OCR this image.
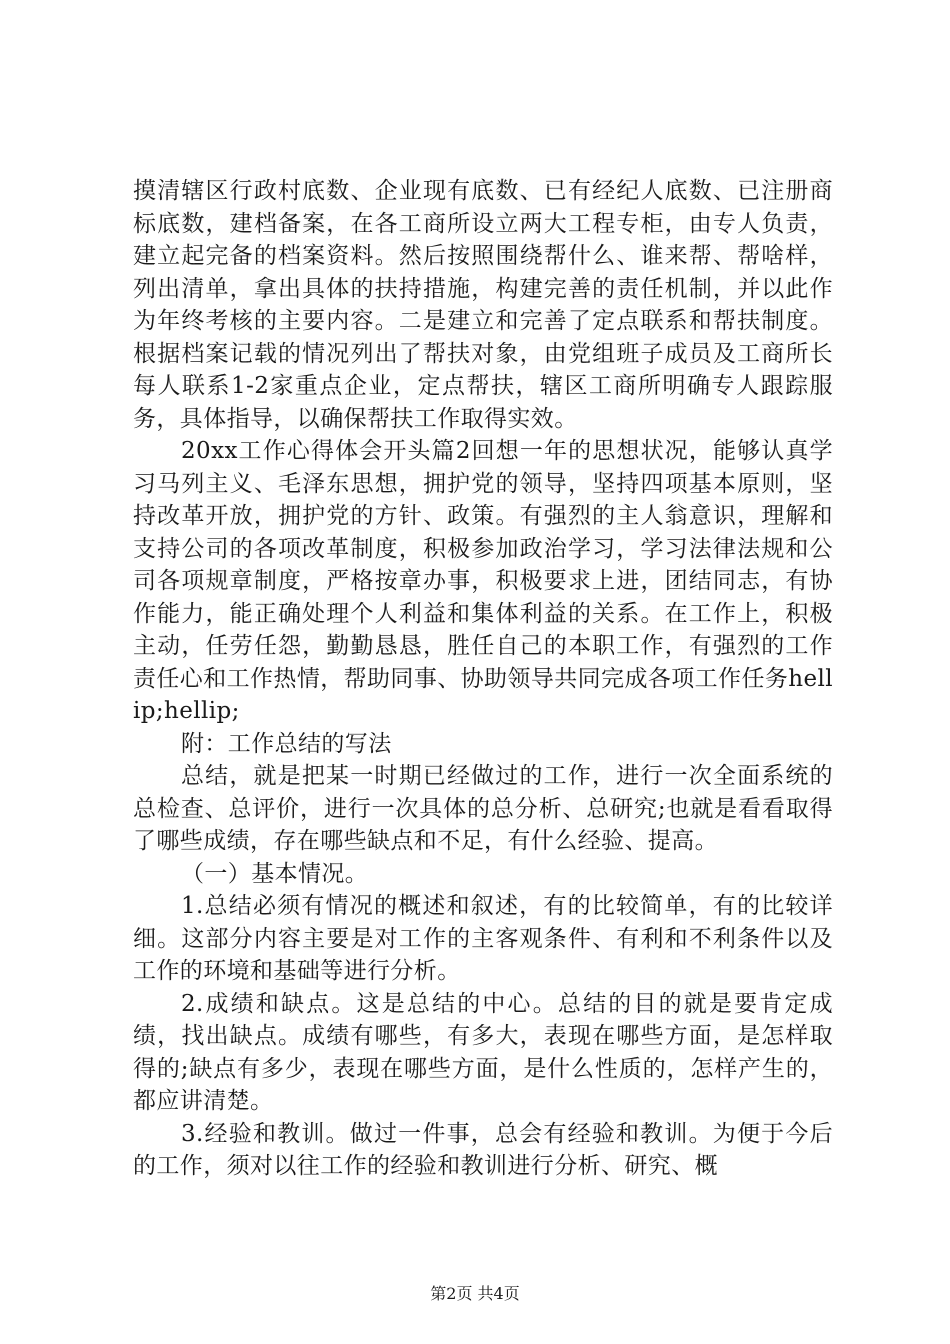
摸清辖区行政村底数、企业现有底数、已有经纪人底数、已注册商标底数，建档备案，在各工商所设立两大工程专柜，由专人负责，建立起完备的档案资料。然后按照围绕帮什么、谁来帮、帮啥样，列出清单，拿出具体的扶持措施，构建完善的责任机制，并以此作为年终考核的主要内容。二是建立和完善了定点联系和帮扶制度。根据档案记载的情况列出了帮扶对象，由党组班子成员及工商所长每人联系1-2家重点企业，定点帮扶，辖区工商所明确专人跟踪服务，具体指导，以确保帮扶工作取得实效。

20xx工作心得体会开头篇2回想一年的思想状况，能够认真学习马列主义、毛泽东思想，拥护党的领导，坚持四项基本原则，坚持改革开放，拥护党的方针、政策。有强烈的主人翁意识，理解和支持公司的各项改革制度，积极参加政治学习，学习法律法规和公司各项规章制度，严格按章办事，积极要求上进，团结同志，有协作能力，能正确处理个人利益和集体利益的关系。在工作上，积极主动，任劳任怨，勤勤恳恳，胜任自己的本职工作，有强烈的工作责任心和工作热情，帮助同事、协助领导共同完成各项工作任务hellip;hellip;

附：工作总结的写法

总结，就是把某一时期已经做过的工作，进行一次全面系统的总检查、总评价，进行一次具体的总分析、总研究;也就是看看取得了哪些成绩，存在哪些缺点和不足，有什么经验、提高。

（一）基本情况。

1.总结必须有情况的概述和叙述，有的比较简单，有的比较详细。这部分内容主要是对工作的主客观条件、有利和不利条件以及工作的环境和基础等进行分析。

2.成绩和缺点。这是总结的中心。总结的目的就是要肯定成绩，找出缺点。成绩有哪些，有多大，表现在哪些方面，是怎样取得的;缺点有多少，表现在哪些方面，是什么性质的，怎样产生的，都应讲清楚。

3.经验和教训。做过一件事，总会有经验和教训。为便于今后的工作，须对以往工作的经验和教训进行分析、研究、概

第2页 共4页
